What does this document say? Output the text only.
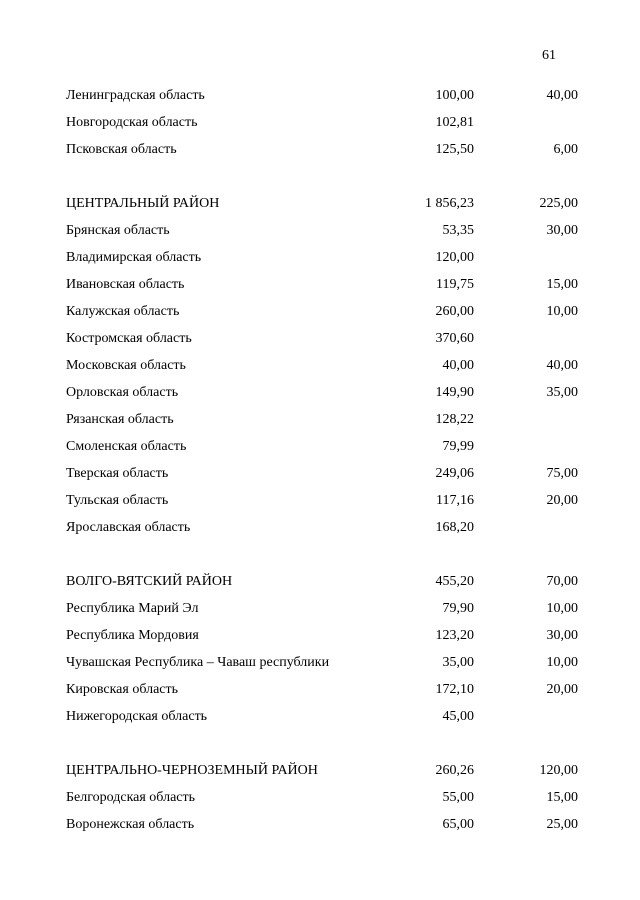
61
Ленинградская область	100,00	40,00
Новгородская область	102,81
Псковская область	125,50	6,00
ЦЕНТРАЛЬНЫЙ РАЙОН	1 856,23	225,00
Брянская область	53,35	30,00
Владимирская область	120,00
Ивановская область	119,75	15,00
Калужская область	260,00	10,00
Костромская область	370,60
Московская область	40,00	40,00
Орловская область	149,90	35,00
Рязанская область	128,22
Смоленская область	79,99
Тверская область	249,06	75,00
Тульская область	117,16	20,00
Ярославская область	168,20
ВОЛГО-ВЯТСКИЙ РАЙОН	455,20	70,00
Республика Марий Эл	79,90	10,00
Республика Мордовия	123,20	30,00
Чувашская Республика – Чаваш республики	35,00	10,00
Кировская область	172,10	20,00
Нижегородская область	45,00
ЦЕНТРАЛЬНО-ЧЕРНОЗЕМНЫЙ РАЙОН	260,26	120,00
Белгородская область	55,00	15,00
Воронежская область	65,00	25,00
